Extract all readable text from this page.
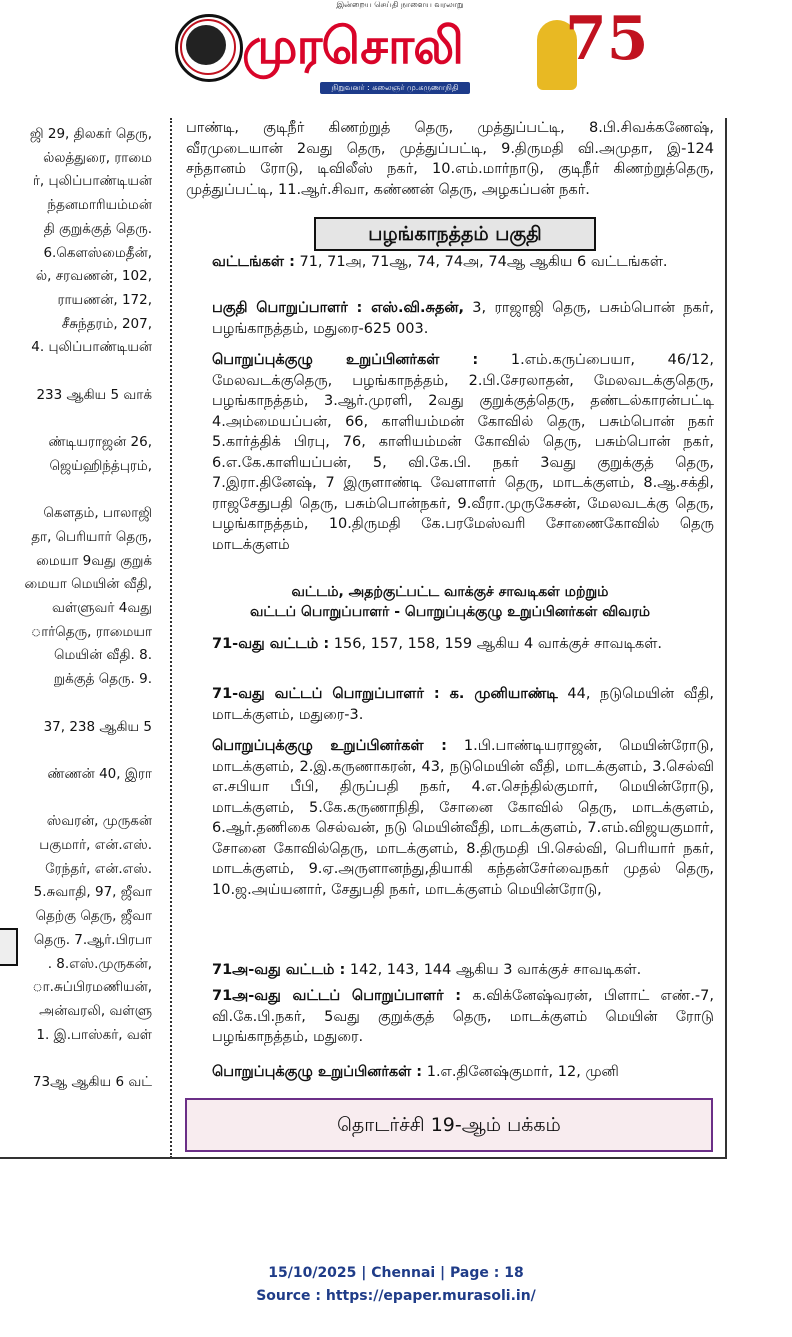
இன்றைய செய்தி நாளைய வரலாறு
முரசொலி
நிறுவனர் : கலைஞர் மு.கருணாநிதி
75
ஜி 29, திலகர் தெரு,
ல்லத்துரை, ராமை
ர், புலிப்பாண்டியன்
ந்தனமாரியம்மன்
தி குறுக்குத் தெரு.
6.கெளஸ்மைதீன்,
ல், சரவணன், 102,
ராயணன், 172,
சீசுந்தரம், 207,
4. புலிப்பாண்டியன்
233 ஆகிய 5 வாக்
ண்டியராஜன் 26,
ஜெய்ஹிந்த்புரம்,
கெளதம், பாலாஜி
தா, பெரியார் தெரு,
மையா 9வது குறுக்
மையா மெயின் வீதி,
வள்ளுவர் 4வது
ார்தெரு, ராமையா
மெயின் வீதி. 8.
றுக்குத் தெரு. 9.
37, 238 ஆகிய 5
ண்ணன் 40, இரா
ஸ்வரன், முருகன்
பகுமார், என்.எஸ்.
ரேந்தர், என்.எஸ்.
5.சுவாதி, 97, ஜீவா
தெற்கு தெரு, ஜீவா
தெரு. 7.ஆர்.பிரபா
. 8.எஸ்.முருகன்,
ா.சுப்பிரமணியன்,
அன்வரலி, வள்ளு
1. இ.பாஸ்கர், வள்
73ஆ ஆகிய 6 வட்

பாண்டி, குடிநீர் கிணற்றுத் தெரு, முத்துப்பட்டி, 8.பி.சிவக்கணேஷ், வீரமுடையான் 2வது தெரு, முத்துப்பட்டி, 9.திருமதி வி.அமுதா, இ-124 சந்தானம் ரோடு, டிவிலீஸ் நகர், 10.எம்.மார்நாடு, குடிநீர் கிணற்றுத்தெரு, முத்துப்பட்டி, 11.ஆர்.சிவா, கண்ணன் தெரு, அழகப்பன் நகர்.

பழங்காநத்தம் பகுதி

வட்டங்கள் : 71, 71அ, 71ஆ, 74, 74அ, 74ஆ ஆகிய 6 வட்டங்கள்.

பகுதி பொறுப்பாளர் : எஸ்.வி.சுதன், 3, ராஜாஜி தெரு, பசும்பொன் நகர், பழங்காநத்தம், மதுரை-625 003.

பொறுப்புக்குழு உறுப்பினர்கள் : 1.எம்.கருப்பையா, 46/12, மேலவடக்குதெரு, பழங்காநத்தம், 2.பி.சேரலாதன், மேலவடக்குதெரு, பழங்காநத்தம், 3.ஆர்.முரளி, 2வது குறுக்குத்தெரு, தண்டல்காரன்பட்டி 4.அம்மையப்பன், 66, காளியம்மன் கோவில் தெரு, பசும்பொன் நகர் 5.கார்த்திக் பிரபு, 76, காளியம்மன் கோவில் தெரு, பசும்பொன் நகர், 6.எ.கே.காளியப்பன், 5, வி.கே.பி. நகர் 3வது குறுக்குத் தெரு, 7.இரா.தினேஷ், 7 இருளாண்டி வேளாளர் தெரு, மாடக்குளம், 8.ஆ.சக்தி, ராஜசேதுபதி தெரு, பசும்பொன்நகர், 9.வீரா.முருகேசன், மேலவடக்கு தெரு, பழங்காநத்தம், 10.திருமதி கே.பரமேஸ்வரி சோணைகோவில் தெரு மாடக்குளம்

வட்டம், அதற்குட்பட்ட வாக்குச் சாவடிகள் மற்றும்
வட்டப் பொறுப்பாளர் - பொறுப்புக்குழு உறுப்பினர்கள் விவரம்

71-வது வட்டம் : 156, 157, 158, 159 ஆகிய 4 வாக்குச் சாவடிகள்.

71-வது வட்டப் பொறுப்பாளர் : க. முனியாண்டி 44, நடுமெயின் வீதி, மாடக்குளம், மதுரை-3.

பொறுப்புக்குழு உறுப்பினர்கள் : 1.பி.பாண்டியராஜன், மெயின்ரோடு, மாடக்குளம், 2.இ.கருணாகரன், 43, நடுமெயின் வீதி, மாடக்குளம், 3.செல்வி எ.சபியா பீபி, திருப்பதி நகர், 4.எ.செந்தில்குமார், மெயின்ரோடு, மாடக்குளம், 5.கே.கருணாநிதி, சோனை கோவில் தெரு, மாடக்குளம், 6.ஆர்.தணிகை செல்வன், நடு மெயின்வீதி, மாடக்குளம், 7.எம்.விஜயகுமார், சோனை கோவில்தெரு, மாடக்குளம், 8.திருமதி பி.செல்வி, பெரியார் நகர், மாடக்குளம், 9.ஏ.அருளானந்து,தியாகி கந்தன்சேர்வைநகர் முதல் தெரு, 10.ஜ.அய்யனார், சேதுபதி நகர், மாடக்குளம் மெயின்ரோடு,

71அ-வது வட்டம் : 142, 143, 144 ஆகிய 3 வாக்குச் சாவடிகள்.

71அ-வது வட்டப் பொறுப்பாளர் : க.விக்னேஷ்வரன், பிளாட் எண்.-7, வி.கே.பி.நகர், 5வது குறுக்குத் தெரு, மாடக்குளம் மெயின் ரோடு பழங்காநத்தம், மதுரை.

பொறுப்புக்குழு உறுப்பினர்கள் : 1.எ.தினேஷ்குமார், 12, முனி

தொடர்ச்சி 19-ஆம் பக்கம்
15/10/2025 | Chennai | Page : 18
Source : https://epaper.murasoli.in/
